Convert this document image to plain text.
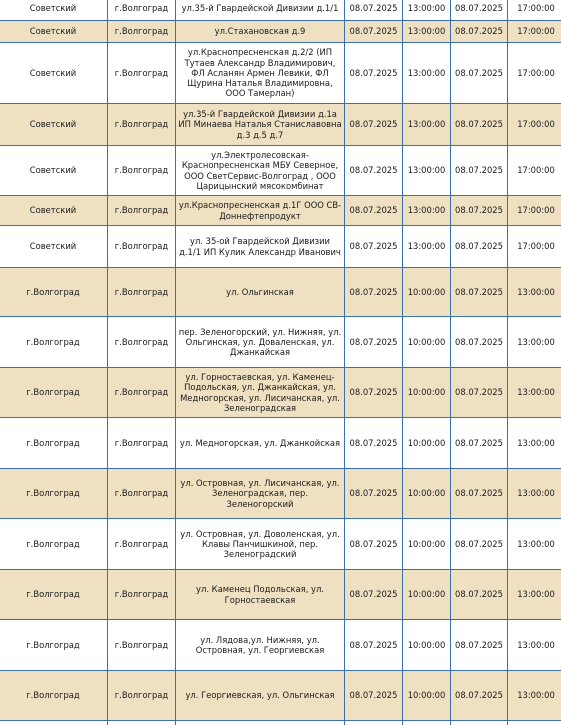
Советский	г.Волгоград	ул.35-й Гвардейской Дивизии д.1/1	08.07.2025	13:00:00	08.07.2025	17:00:00
Советский	г.Волгоград	ул.Стахановская д.9	08.07.2025	13:00:00	08.07.2025	17:00:00
Советский	г.Волгоград	ул.Краснопресненская д.2/2 (ИП Тутаев Александр Владимирович, ФЛ Асланян Армен Левики, ФЛ Щурина Наталья Владимировна, ООО Тамерлан)	08.07.2025	13:00:00	08.07.2025	17:00:00
Советский	г.Волгоград	ул.35-й Гвардейской Дивизии д.1а ИП Минаева Наталья Станиславовна д.3 д.5 д.7	08.07.2025	13:00:00	08.07.2025	17:00:00
Советский	г.Волгоград	ул.Электролесовская-Краснопресненская МБУ Северное, ООО СветСервис-Волгоград , ООО Царицынский мясокомбинат	08.07.2025	13:00:00	08.07.2025	17:00:00
Советский	г.Волгоград	ул.Краснопресненская д.1Г ООО СВ-Доннефтепродукт	08.07.2025	13:00:00	08.07.2025	17:00:00
Советский	г.Волгоград	ул. 35-ой Гвардейской Дивизии д.1/1 ИП Кулик Александр Иванович	08.07.2025	13:00:00	08.07.2025	17:00:00
г.Волгоград	г.Волгоград	ул. Ольгинская	08.07.2025	10:00:00	08.07.2025	13:00:00
г.Волгоград	г.Волгоград	пер. Зеленогорский, ул. Нижняя, ул. Ольгинская, ул. Доваленская, ул. Джанкайская	08.07.2025	10:00:00	08.07.2025	13:00:00
г.Волгоград	г.Волгоград	ул. Горностаевская, ул. Каменец-Подольская, ул. Джанкайская, ул. Медногорская, ул. Лисичанская, ул. Зеленоградская	08.07.2025	10:00:00	08.07.2025	13:00:00
г.Волгоград	г.Волгоград	ул. Медногорская, ул. Джанкойская	08.07.2025	10:00:00	08.07.2025	13:00:00
г.Волгоград	г.Волгоград	ул. Островная, ул. Лисичанская, ул. Зеленоградская, пер. Зеленогорский	08.07.2025	10:00:00	08.07.2025	13:00:00
г.Волгоград	г.Волгоград	ул. Островная, ул. Доволенская, ул. Клавы Панчишкиной, пер. Зеленоградский	08.07.2025	10:00:00	08.07.2025	13:00:00
г.Волгоград	г.Волгоград	ул. Каменец Подольская, ул. Горностаевская	08.07.2025	10:00:00	08.07.2025	13:00:00
г.Волгоград	г.Волгоград	ул. Лядова,ул. Нижняя, ул. Островная, ул. Георгиевская	08.07.2025	10:00:00	08.07.2025	13:00:00
г.Волгоград	г.Волгоград	ул. Георгиевская, ул. Ольгинская	08.07.2025	10:00:00	08.07.2025	13:00:00
